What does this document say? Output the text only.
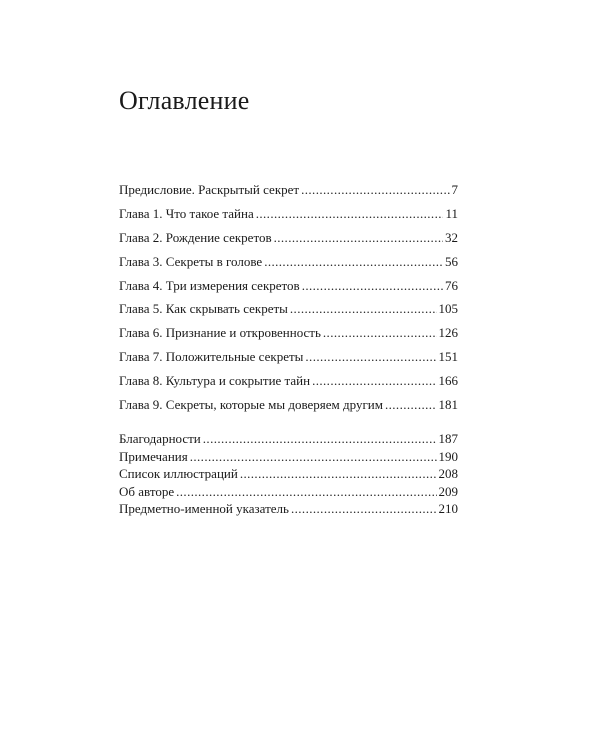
Оглавление
Предисловие. Раскрытый секрет .....	7
Глава 1. Что такое тайна .....	11
Глава 2. Рождение секретов .....	32
Глава 3. Секреты в голове .....	56
Глава 4. Три измерения секретов .....	76
Глава 5. Как скрывать секреты .....	105
Глава 6. Признание и откровенность .....	126
Глава 7. Положительные секреты .....	151
Глава 8. Культура и сокрытие тайн .....	166
Глава 9. Секреты, которые мы доверяем другим .....	181
Благодарности .....	187
Примечания .....	190
Список иллюстраций .....	208
Об авторе .....	209
Предметно-именной указатель .....	210
